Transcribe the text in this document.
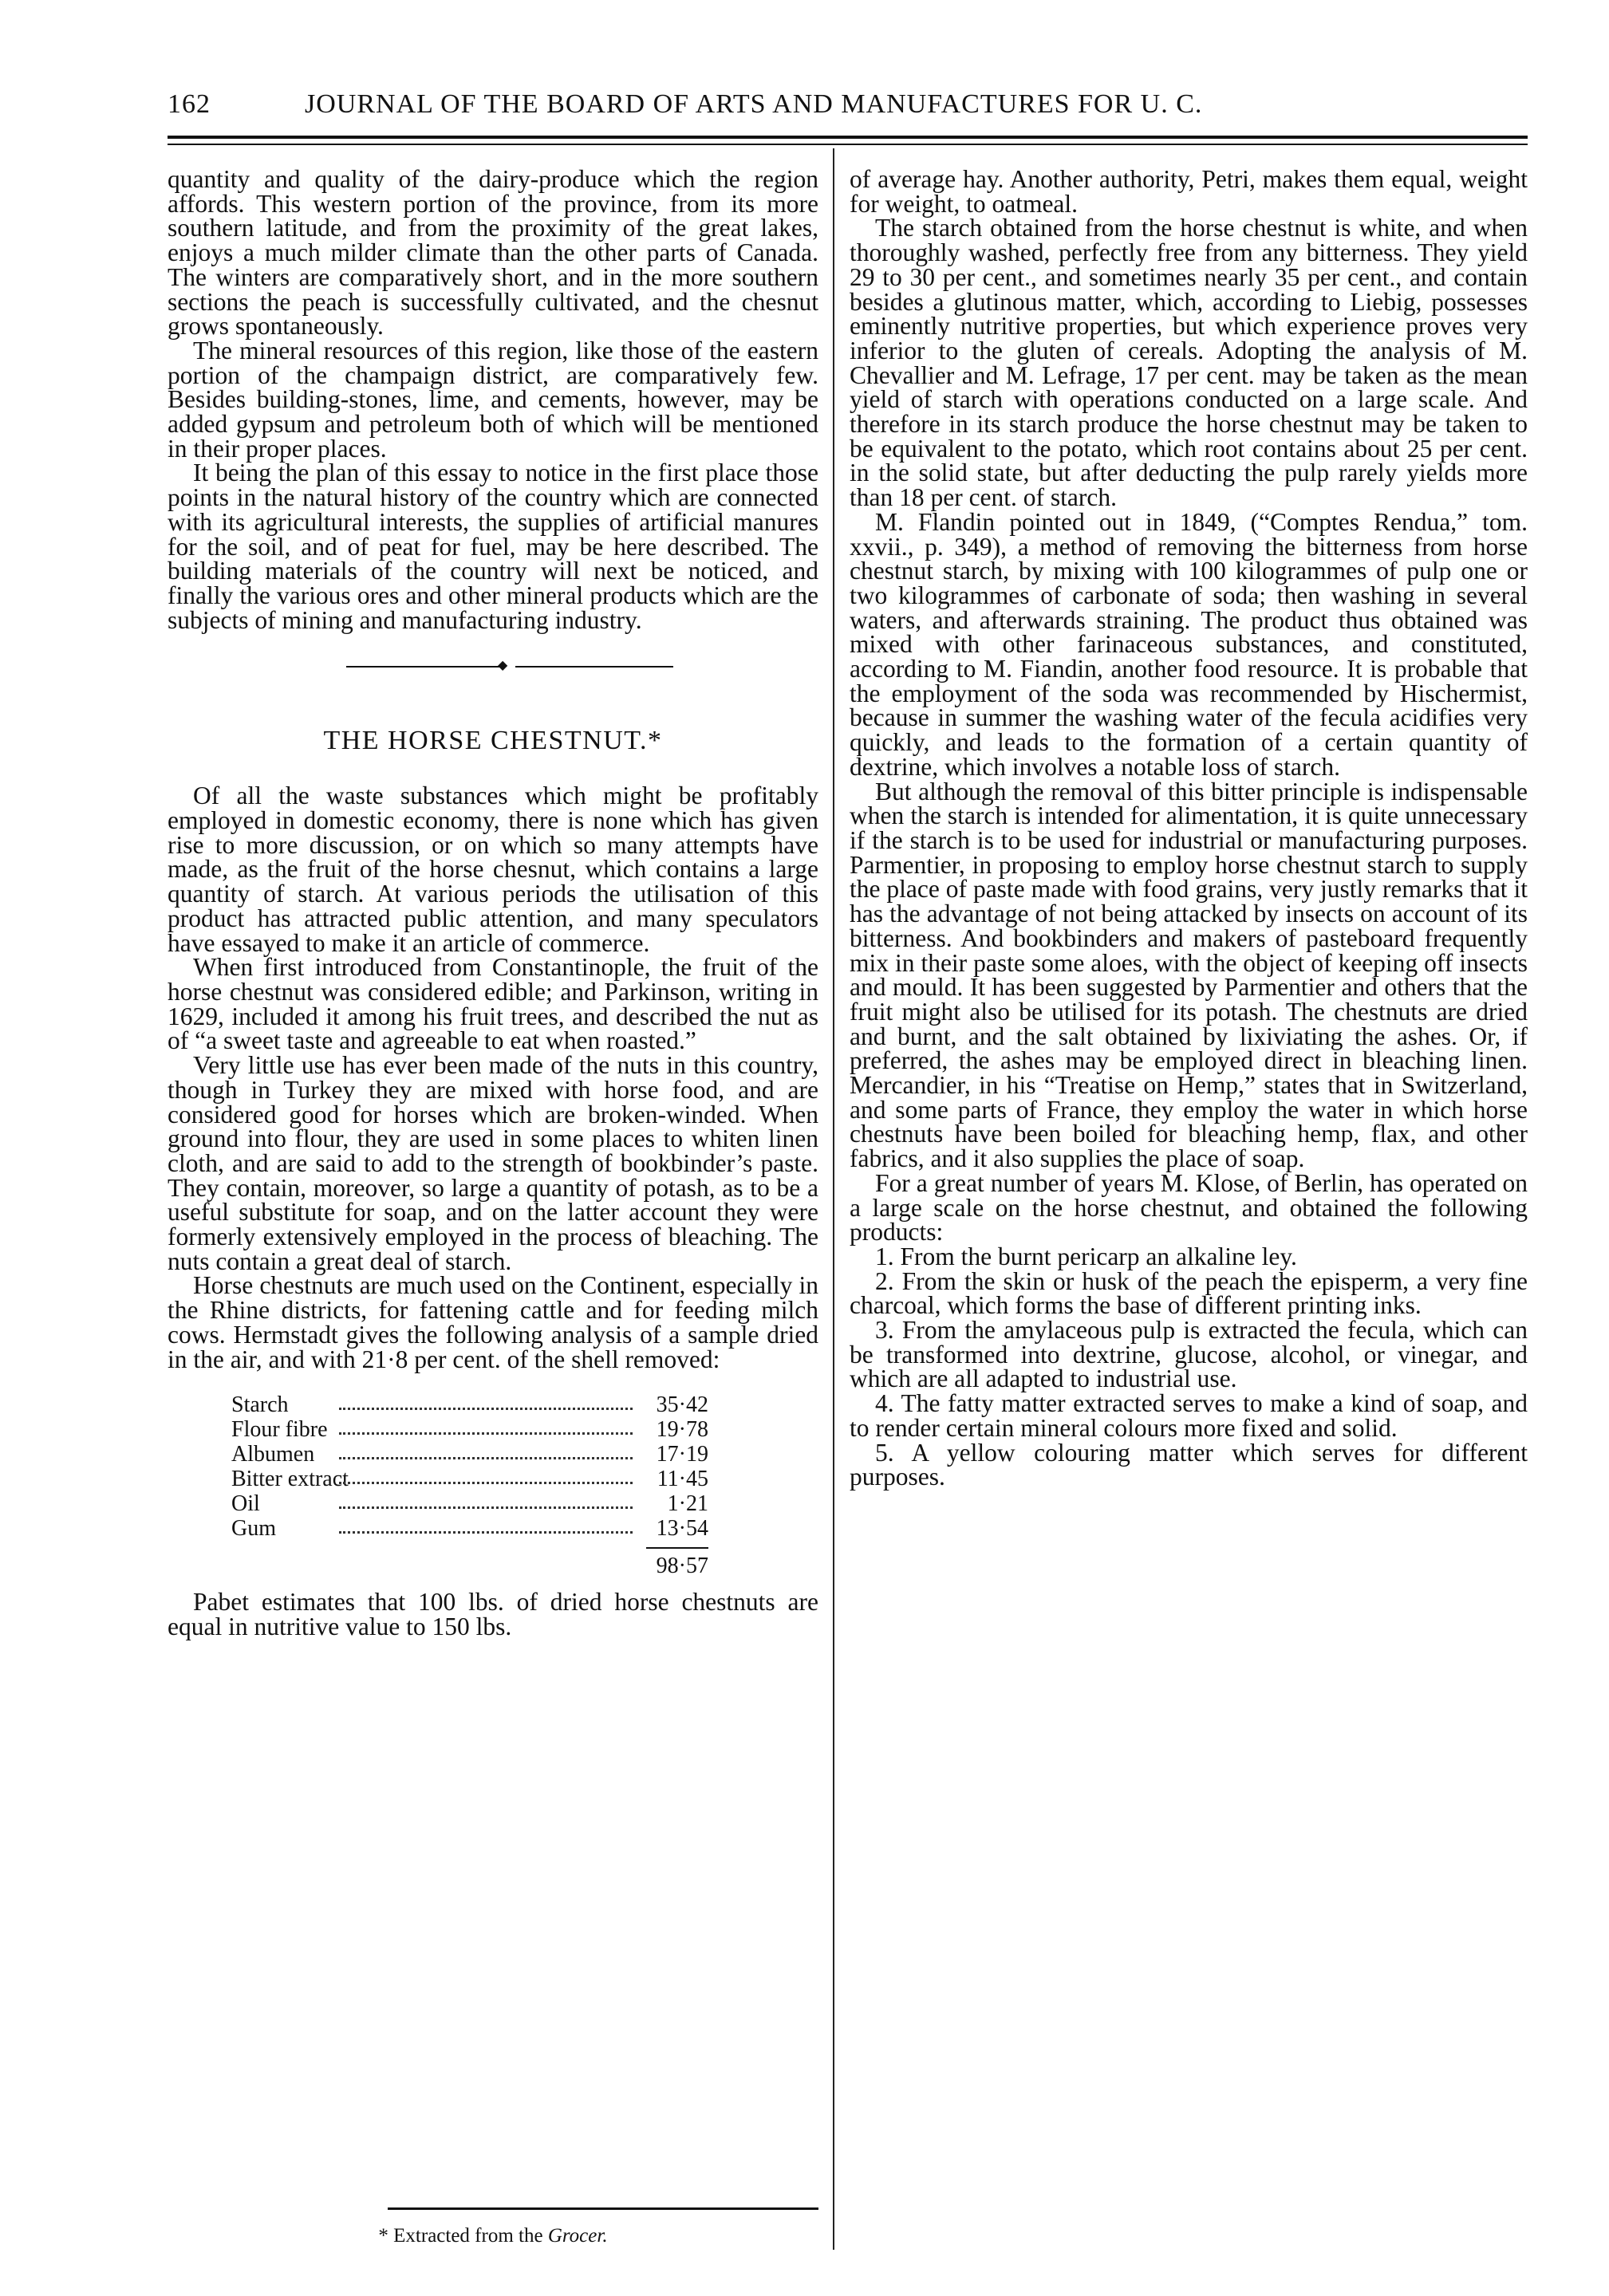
162	JOURNAL OF THE BOARD OF ARTS AND MANUFACTURES FOR U. C.

quantity and quality of the dairy-produce which the region affords. This western portion of the province, from its more southern latitude, and from the proximity of the great lakes, enjoys a much milder climate than the other parts of Canada. The winters are comparatively short, and in the more southern sections the peach is successfully cultivated, and the chesnut grows spontaneously.

The mineral resources of this region, like those of the eastern portion of the champaign district, are comparatively few. Besides building-stones, lime, and cements, however, may be added gypsum and petroleum both of which will be mentioned in their proper places.

It being the plan of this essay to notice in the first place those points in the natural history of the country which are connected with its agricultural interests, the supplies of artificial manures for the soil, and of peat for fuel, may be here described. The building materials of the country will next be noticed, and finally the various ores and other mineral products which are the subjects of mining and manufacturing industry.

◆
THE HORSE CHESTNUT.*

Of all the waste substances which might be profitably employed in domestic economy, there is none which has given rise to more discussion, or on which so many attempts have made, as the fruit of the horse chesnut, which contains a large quantity of starch. At various periods the utilisation of this product has attracted public attention, and many speculators have essayed to make it an article of commerce.

When first introduced from Constantinople, the fruit of the horse chestnut was considered edible; and Parkinson, writing in 1629, included it among his fruit trees, and described the nut as of “a sweet taste and agreeable to eat when roasted.”

Very little use has ever been made of the nuts in this country, though in Turkey they are mixed with horse food, and are considered good for horses which are broken-winded. When ground into flour, they are used in some places to whiten linen cloth, and are said to add to the strength of bookbinder’s paste. They contain, moreover, so large a quantity of potash, as to be a useful substitute for soap, and on the latter account they were formerly extensively employed in the process of bleaching. The nuts contain a great deal of starch.

Horse chestnuts are much used on the Continent, especially in the Rhine districts, for fattening cattle and for feeding milch cows. Hermstadt gives the following analysis of a sample dried in the air, and with 21·8 per cent. of the shell removed:

Starch	35·42
Flour fibre	19·78
Albumen	17·19
Bitter extract	11·45
Oil	1·21
Gum	13·54
98·57

Pabet estimates that 100 lbs. of dried horse chestnuts are equal in nutritive value to 150 lbs.

* Extracted from the Grocer.

of average hay. Another authority, Petri, makes them equal, weight for weight, to oatmeal.

The starch obtained from the horse chestnut is white, and when thoroughly washed, perfectly free from any bitterness. They yield 29 to 30 per cent., and sometimes nearly 35 per cent., and contain besides a glutinous matter, which, according to Liebig, possesses eminently nutritive properties, but which experience proves very inferior to the gluten of cereals. Adopting the analysis of M. Chevallier and M. Lefrage, 17 per cent. may be taken as the mean yield of starch with operations conducted on a large scale. And therefore in its starch produce the horse chestnut may be taken to be equivalent to the potato, which root contains about 25 per cent. in the solid state, but after deducting the pulp rarely yields more than 18 per cent. of starch.

M. Flandin pointed out in 1849, (“Comptes Rendua,” tom. xxvii., p. 349), a method of removing the bitterness from horse chestnut starch, by mixing with 100 kilogrammes of pulp one or two kilogrammes of carbonate of soda; then washing in several waters, and afterwards straining. The product thus obtained was mixed with other farinaceous substances, and constituted, according to M. Fiandin, another food resource. It is probable that the employment of the soda was recommended by Hischermist, because in summer the washing water of the fecula acidifies very quickly, and leads to the formation of a certain quantity of dextrine, which involves a notable loss of starch.

But although the removal of this bitter principle is indispensable when the starch is intended for alimentation, it is quite unnecessary if the starch is to be used for industrial or manufacturing purposes. Parmentier, in proposing to employ horse chestnut starch to supply the place of paste made with food grains, very justly remarks that it has the advantage of not being attacked by insects on account of its bitterness. And bookbinders and makers of pasteboard frequently mix in their paste some aloes, with the object of keeping off insects and mould. It has been suggested by Parmentier and others that the fruit might also be utilised for its potash. The chestnuts are dried and burnt, and the salt obtained by lixiviating the ashes. Or, if preferred, the ashes may be employed direct in bleaching linen. Mercandier, in his “Treatise on Hemp,” states that in Switzerland, and some parts of France, they employ the water in which horse chestnuts have been boiled for bleaching hemp, flax, and other fabrics, and it also supplies the place of soap.

For a great number of years M. Klose, of Berlin, has operated on a large scale on the horse chestnut, and obtained the following products:

1. From the burnt pericarp an alkaline ley.

2. From the skin or husk of the peach the episperm, a very fine charcoal, which forms the base of different printing inks.

3. From the amylaceous pulp is extracted the fecula, which can be transformed into dextrine, glucose, alcohol, or vinegar, and which are all adapted to industrial use.

4. The fatty matter extracted serves to make a kind of soap, and to render certain mineral colours more fixed and solid.

5. A yellow colouring matter which serves for different purposes.
